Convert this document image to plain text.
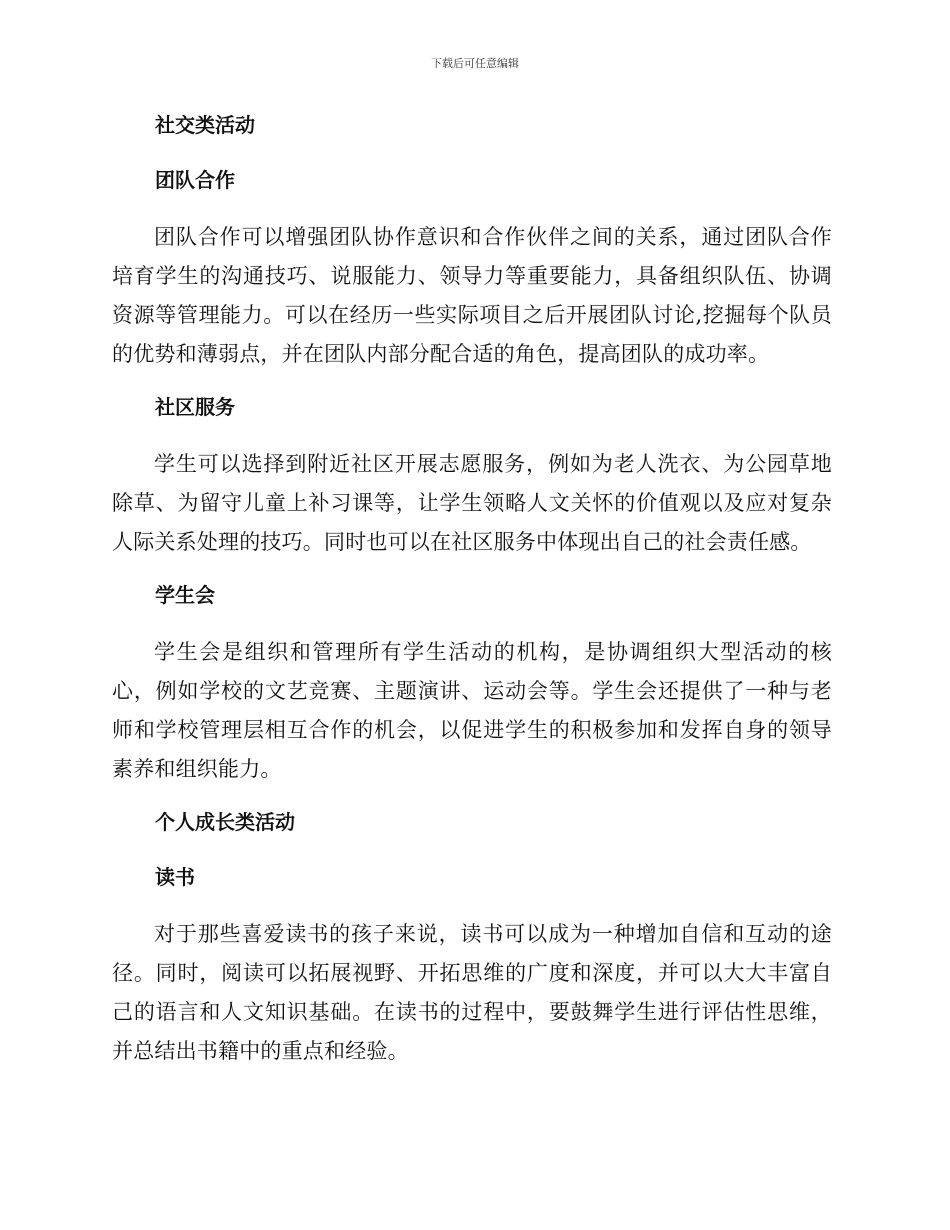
下载后可任意编辑
社交类活动
团队合作

团队合作可以增强团队协作意识和合作伙伴之间的关系，通过团队合作培育学生的沟通技巧、说服能力、领导力等重要能力，具备组织队伍、协调资源等管理能力。可以在经历一些实际项目之后开展团队讨论,挖掘每个队员的优势和薄弱点，并在团队内部分配合适的角色，提高团队的成功率。

社区服务

学生可以选择到附近社区开展志愿服务，例如为老人洗衣、为公园草地除草、为留守儿童上补习课等，让学生领略人文关怀的价值观以及应对复杂人际关系处理的技巧。同时也可以在社区服务中体现出自己的社会责任感。

学生会

学生会是组织和管理所有学生活动的机构，是协调组织大型活动的核心，例如学校的文艺竞赛、主题演讲、运动会等。学生会还提供了一种与老师和学校管理层相互合作的机会，以促进学生的积极参加和发挥自身的领导素养和组织能力。

个人成长类活动
读书

对于那些喜爱读书的孩子来说，读书可以成为一种增加自信和互动的途径。同时，阅读可以拓展视野、开拓思维的广度和深度，并可以大大丰富自己的语言和人文知识基础。在读书的过程中，要鼓舞学生进行评估性思维，并总结出书籍中的重点和经验。
